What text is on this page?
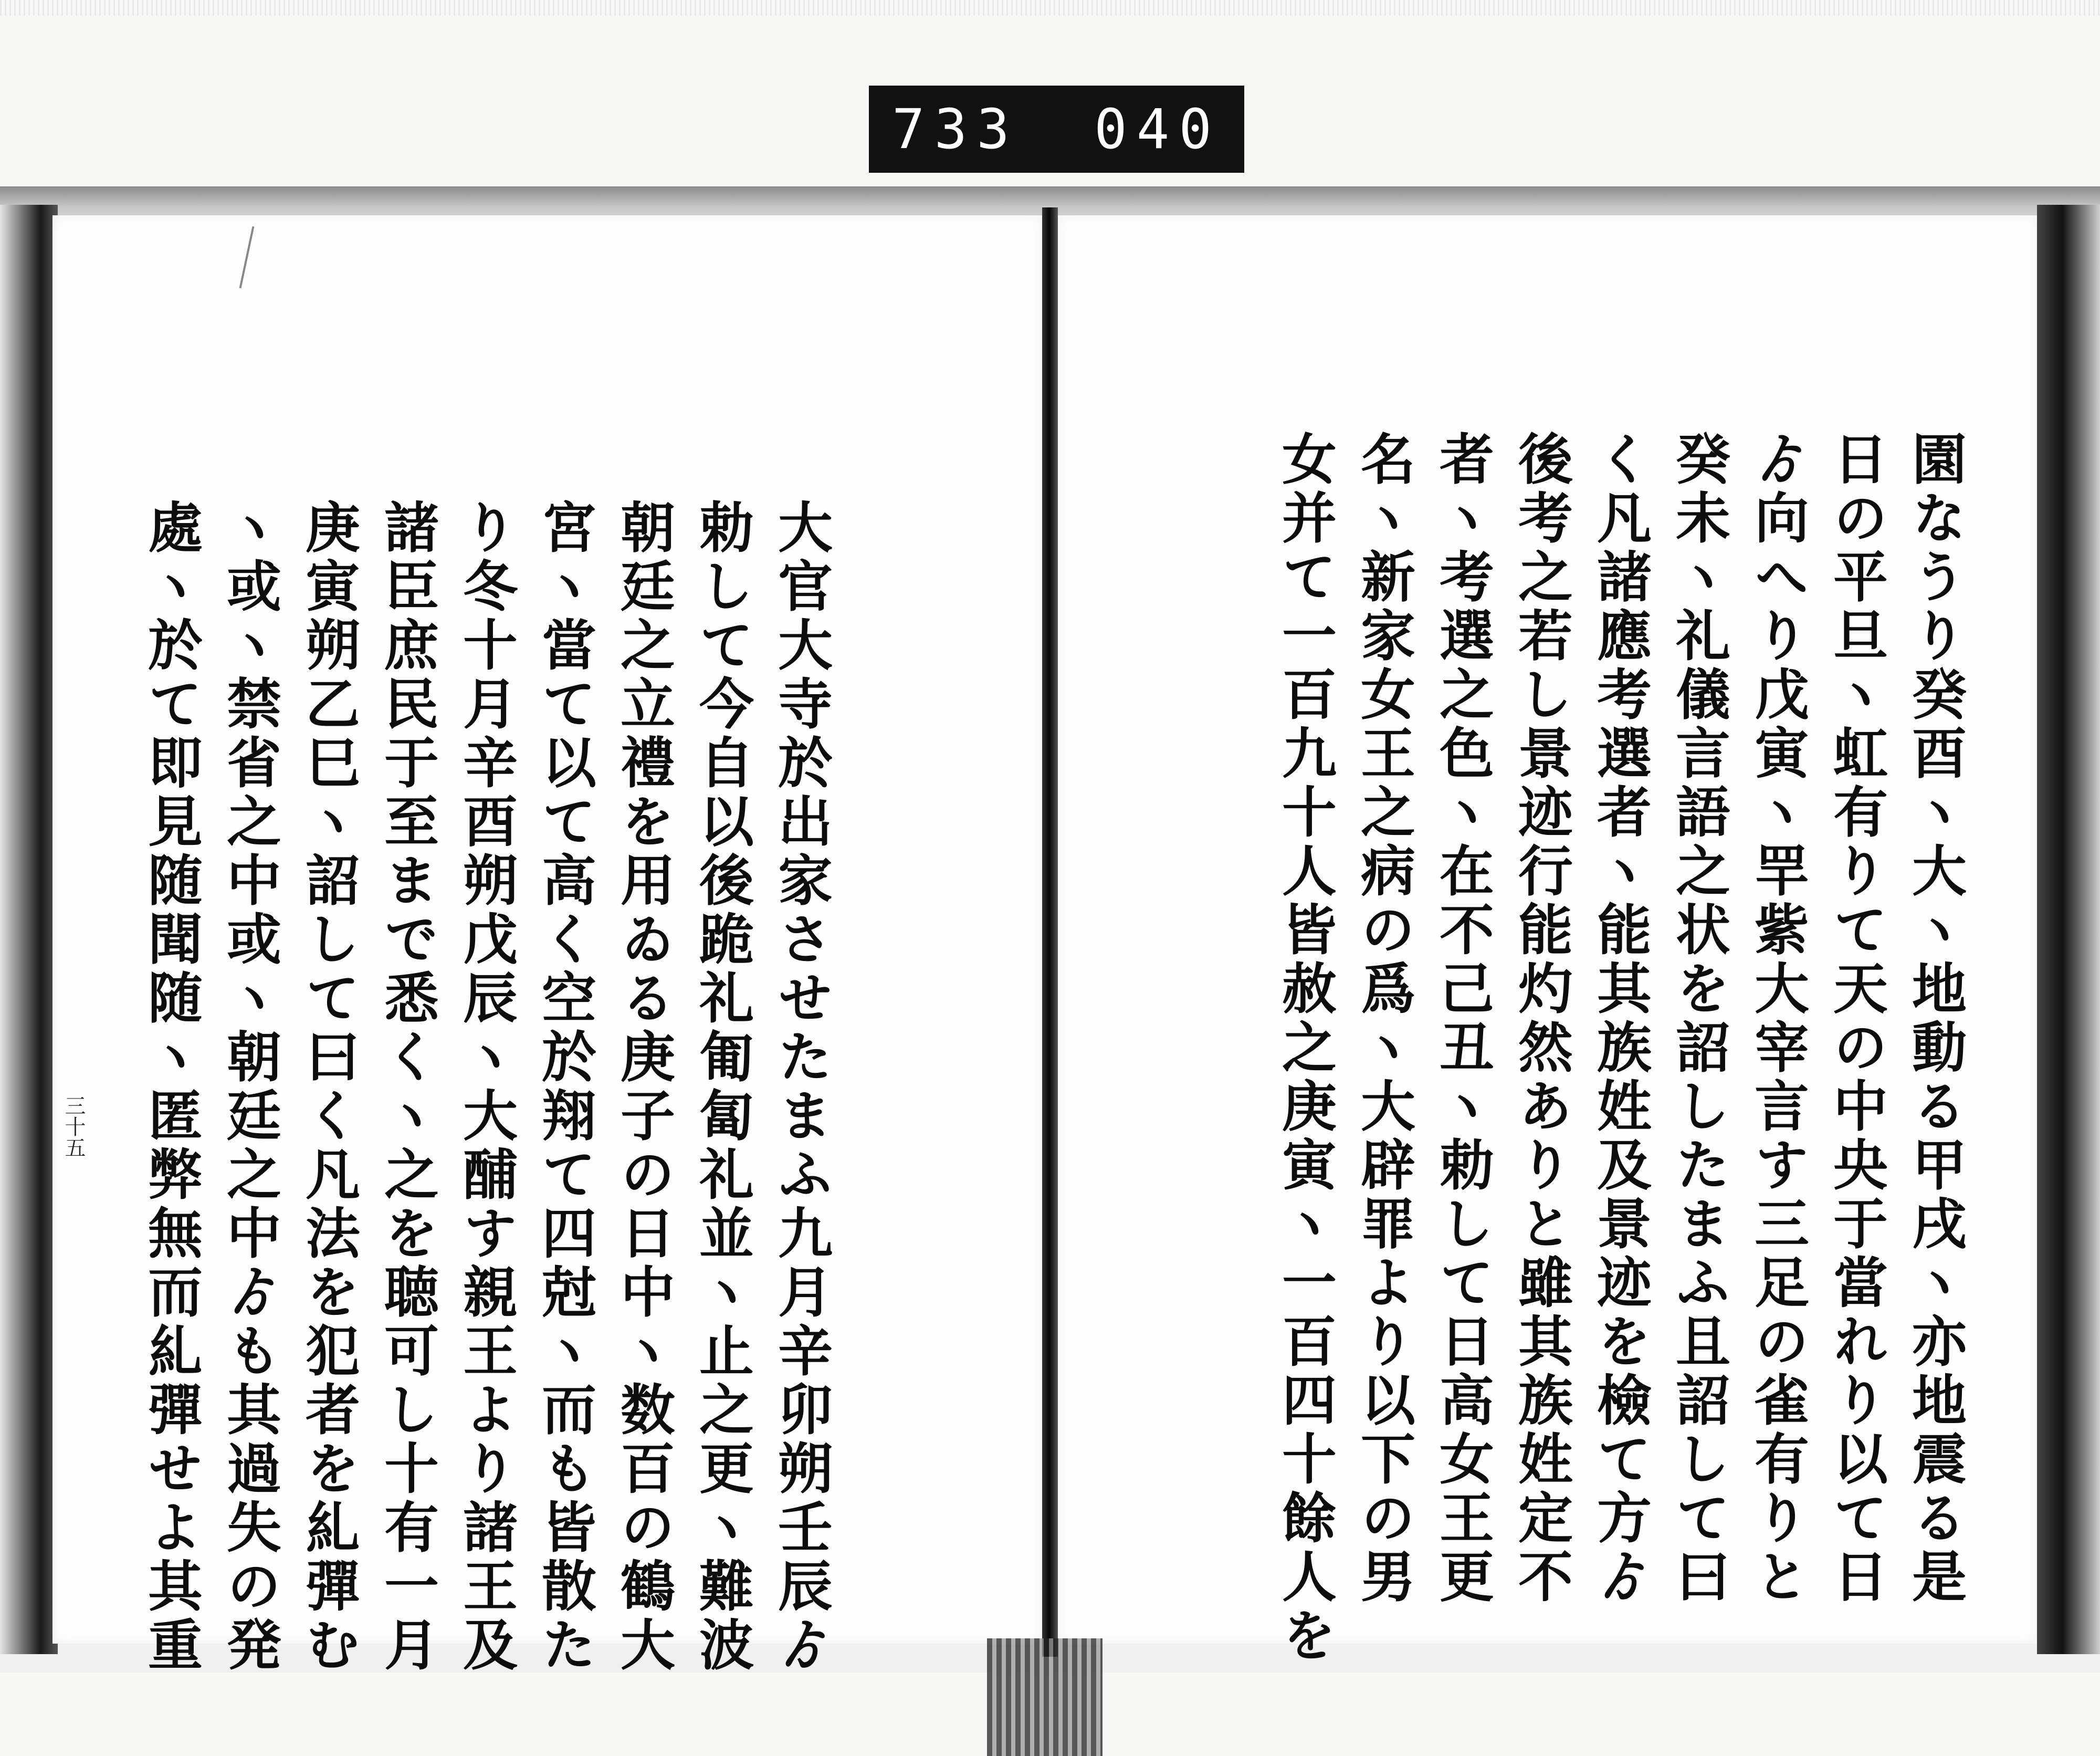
733 040
園なうり癸酉ヽ大ヽ地動る甲戌ヽ亦地震る是
日の平旦ヽ虹有りて天の中央于當れり以て日
ゟ向へり戊寅ヽ䍐紫大宰言す三足の雀有りと
癸未ヽ礼儀言語之状を詔したまふ且詔して曰
く凡諸應考選者ヽ能其族姓及景迹を檢て方ゟ
後考之若し景迹行能灼然ありと雖其族姓定不
者ヽ考選之色ヽ在不己丑ヽ勅して日高女王更
名ヽ新家女王之病の爲ヽ大辟罪より以下の男
女并て一百九十人皆赦之庚寅ヽ一百四十餘人を
大官大寺於出家させたまふ九月辛卯朔壬辰ゟ
勅して今自以後跪礼匍匐礼並ヽ止之更ヽ難波
朝廷之立禮を用ゐる庚子の日中ヽ数百の鶴大
宮ヽ當て以て高く空於翔て四尅ヽ而も皆散た
り冬十月辛酉朔戊辰ヽ大酺す親王より諸王及
諸臣庶民于至まで悉くヽ之を聴可し十有一月
庚寅朔乙巳ヽ詔して曰く凡法を犯者を糺彈む
ヽ或ヽ禁省之中或ヽ朝廷之中ゟも其過失の発
處ヽ於て即見随聞随ヽ匿弊無而糺彈せよ其重
三十五
